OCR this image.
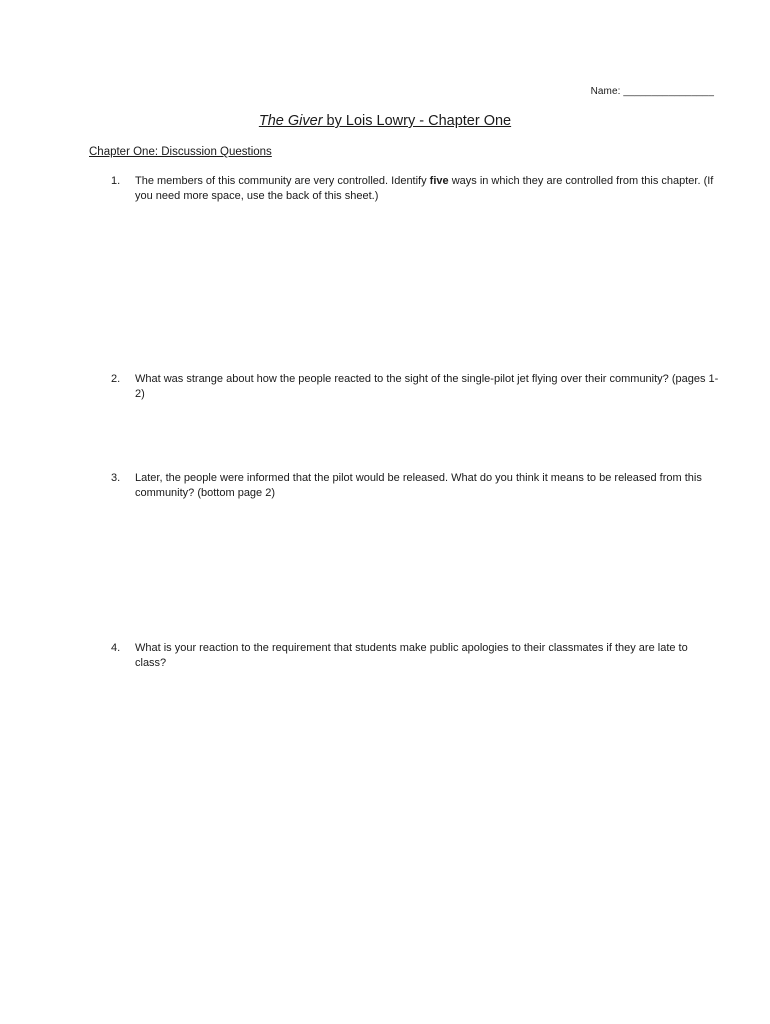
Name: ________________
The Giver by Lois Lowry - Chapter One
Chapter One: Discussion Questions
1.	The members of this community are very controlled. Identify five ways in which they are controlled from this chapter. (If you need more space, use the back of this sheet.)
2.	What was strange about how the people reacted to the sight of the single-pilot jet flying over their community? (pages 1-2)
3.	Later, the people were informed that the pilot would be released. What do you think it means to be released from this community? (bottom page 2)
4.	What is your reaction to the requirement that students make public apologies to their classmates if they are late to class?
